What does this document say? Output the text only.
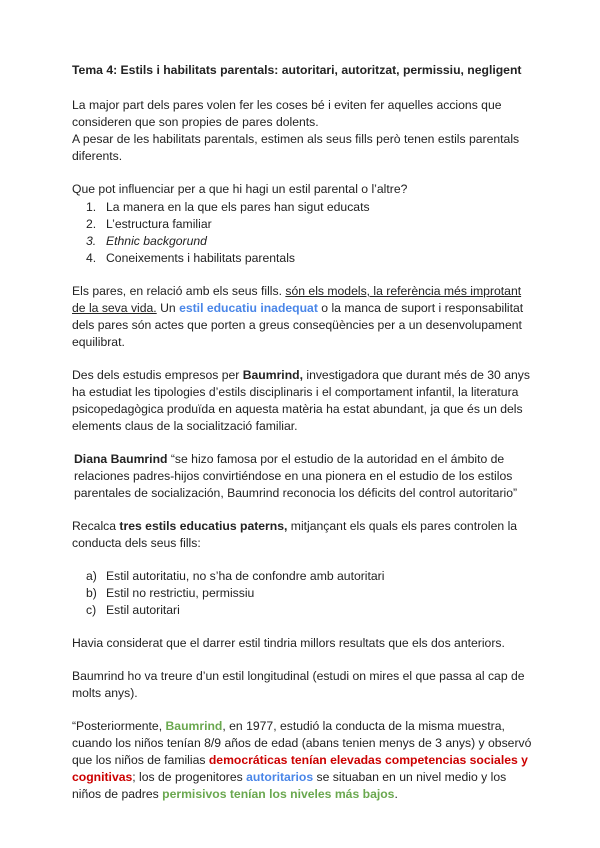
Tema 4: Estils i habilitats parentals: autoritari, autoritzat, permissiu, negligent

La major part dels pares volen fer les coses bé i eviten fer aquelles accions que consideren que son propies de pares dolents.
A pesar de les habilitats parentals, estimen als seus fills però tenen estils parentals diferents.

Que pot influenciar per a que hi hagi un estil parental o l’altre?
1. La manera en la que els pares han sigut educats
2. L’estructura familiar
3. Ethnic backgorund
4. Coneixements i habilitats parentals

Els pares, en relació amb els seus fills. són els models, la referència més improtant de la seva vida. Un estil educatiu inadequat o la manca de suport i responsabilitat dels pares són actes que porten a greus conseqüències per a un desenvolupament equilibrat.

Des dels estudis empresos per Baumrind, investigadora que durant més de 30 anys ha estudiat les tipologies d’estils disciplinaris i el comportament infantil, la literatura psicopedagògica produïda en aquesta matèria ha estat abundant, ja que és un dels elements claus de la socialització familiar.

Diana Baumrind “se hizo famosa por el estudio de la autoridad en el ámbito de relaciones padres-hijos convirtiéndose en una pionera en el estudio de los estilos parentales de socialización, Baumrind reconocia los déficits del control autoritario”

Recalca tres estils educatius paterns, mitjançant els quals els pares controlen la conducta dels seus fills:
a) Estil autoritatiu, no s’ha de confondre amb autoritari
b) Estil no restrictiu, permissiu
c) Estil autoritari

Havia considerat que el darrer estil tindria millors resultats que els dos anteriors.

Baumrind ho va treure d’un estil longitudinal (estudi on mires el que passa al cap de molts anys).

“Posteriormente, Baumrind, en 1977, estudió la conducta de la misma muestra, cuando los niños tenían 8/9 años de edad (abans tenien menys de 3 anys) y observó que los niños de familias democráticas tenían elevadas competencias sociales y cognitivas; los de progenitores autoritarios se situaban en un nivel medio y los niños de padres permisivos tenían los niveles más bajos.
